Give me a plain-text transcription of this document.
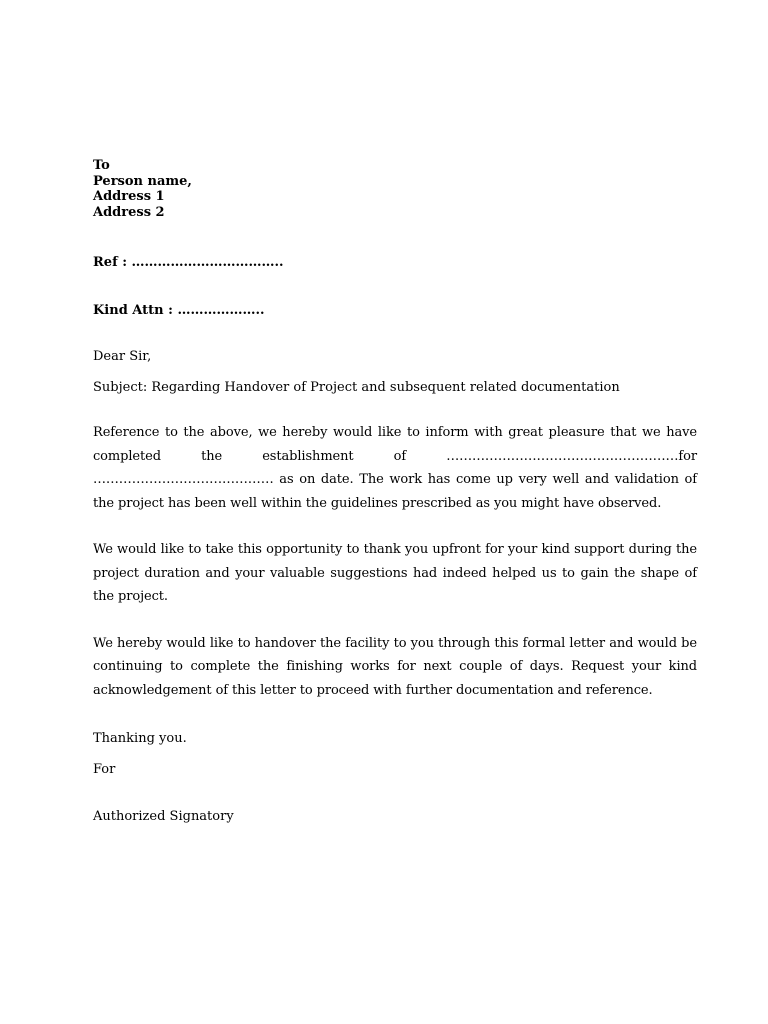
To
Person name,
Address 1
Address 2
Ref : ……………………………..
Kind Attn : ………………..
Dear Sir,
Subject: Regarding Handover of Project and subsequent related documentation

Reference to the above, we hereby would like to inform with great pleasure that we have completed the establishment of ………………………………………………for …………………………………… as on date. The work has come up very well and validation of the project has been well within the guidelines prescribed as you might have observed.

We would like to take this opportunity to thank you upfront for your kind support during the project duration and your valuable suggestions had indeed helped us to gain the shape of the project.

We hereby would like to handover the facility to you through this formal letter and would be continuing to complete the finishing works for next couple of days. Request your kind acknowledgement of this letter to proceed with further documentation and reference.

Thanking you.
For
Authorized Signatory
